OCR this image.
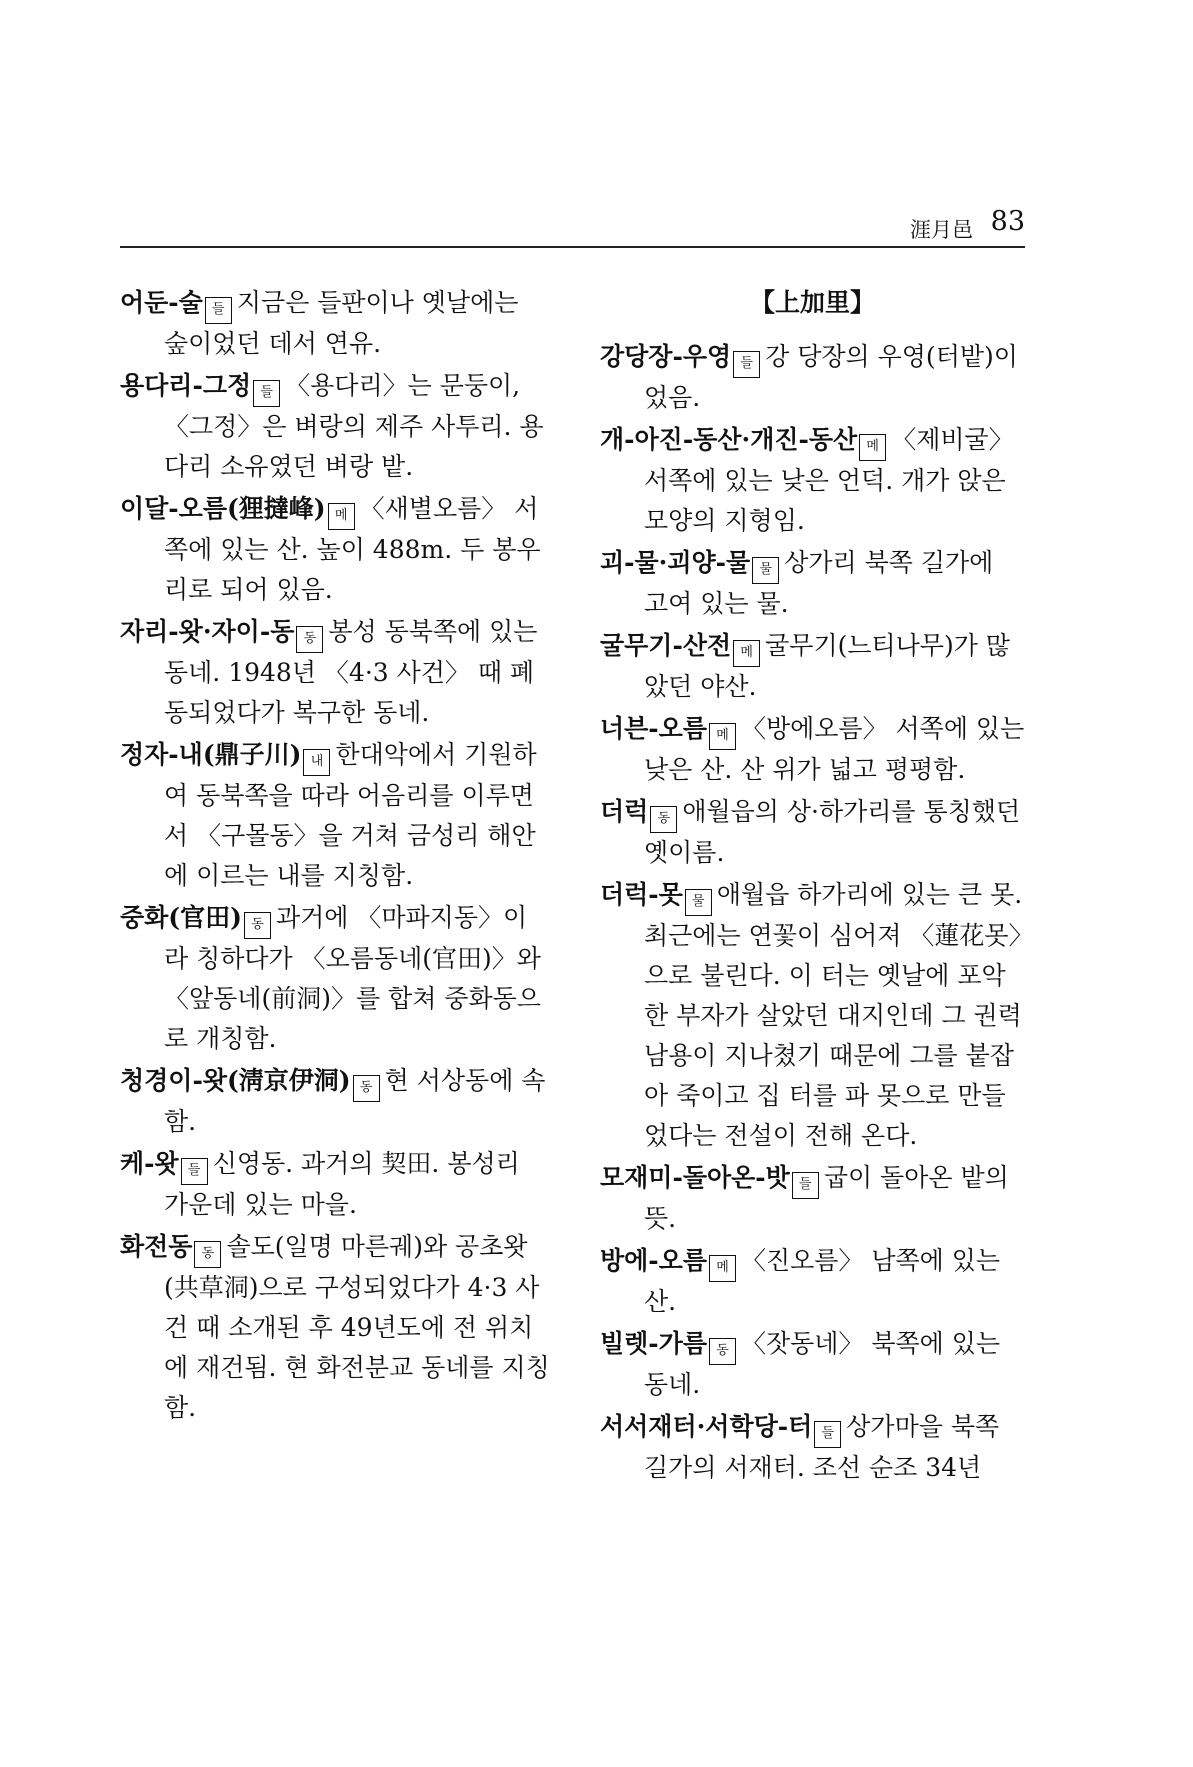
涯月邑 83
어둔-술 들 지금은 들판이나 옛날에는 숲이었던 데서 연유.
용다리-그정 들 〈용다리〉는 문둥이, 〈그정〉은 벼랑의 제주 사투리. 용다리 소유였던 벼랑 밭.
이달-오름(狸撻峰) 메 〈새별오름〉 서쪽에 있는 산. 높이 488m. 두 봉우리로 되어 있음.
자리-왓·자이-동 동 봉성 동북쪽에 있는 동네. 1948년 〈4·3 사건〉 때 폐동되었다가 복구한 동네.
정자-내(鼎子川) 내 한대악에서 기원하여 동북쪽을 따라 어음리를 이루면서 〈구몰동〉을 거쳐 금성리 해안에 이르는 내를 지칭함.
중화(官田) 동 과거에 〈마파지동〉이라 칭하다가 〈오름동네(官田)〉와 〈앞동네(前洞)〉를 합쳐 중화동으로 개칭함.
청경이-왓(淸京伊洞) 동 현 서상동에 속함.
케-왓 들 신영동. 과거의 契田. 봉성리 가운데 있는 마을.
화전동 동 솔도(일명 마른궤)와 공초왓(共草洞)으로 구성되었다가 4·3 사건 때 소개된 후 49년도에 전 위치에 재건됨. 현 화전분교 동네를 지칭함.
【上加里】
강당장-우영 들 강 당장의 우영(터밭)이었음.
개-아진-동산·개진-동산 메 〈제비굴〉 서쪽에 있는 낮은 언덕. 개가 앉은 모양의 지형임.
괴-물·괴양-물 물 상가리 북쪽 길가에 고여 있는 물.
굴무기-산전 메 굴무기(느티나무)가 많았던 야산.
너븐-오름 메 〈방에오름〉 서쪽에 있는 낮은 산. 산 위가 넓고 평평함.
더럭 동 애월읍의 상·하가리를 통칭했던 옛이름.
더럭-못 물 애월읍 하가리에 있는 큰 못. 최근에는 연꽃이 심어져 〈蓮花못〉으로 불린다. 이 터는 옛날에 포악한 부자가 살았던 대지인데 그 권력 남용이 지나쳤기 때문에 그를 붙잡아 죽이고 집 터를 파 못으로 만들었다는 전설이 전해 온다.
모재미-돌아온-밧 들 굽이 돌아온 밭의 뜻.
방에-오름 메 〈진오름〉 남쪽에 있는 산.
빌렛-가름 동 〈잣동네〉 북쪽에 있는 동네.
서서재터·서학당-터 들 상가마을 북쪽 길가의 서재터. 조선 순조 34년
